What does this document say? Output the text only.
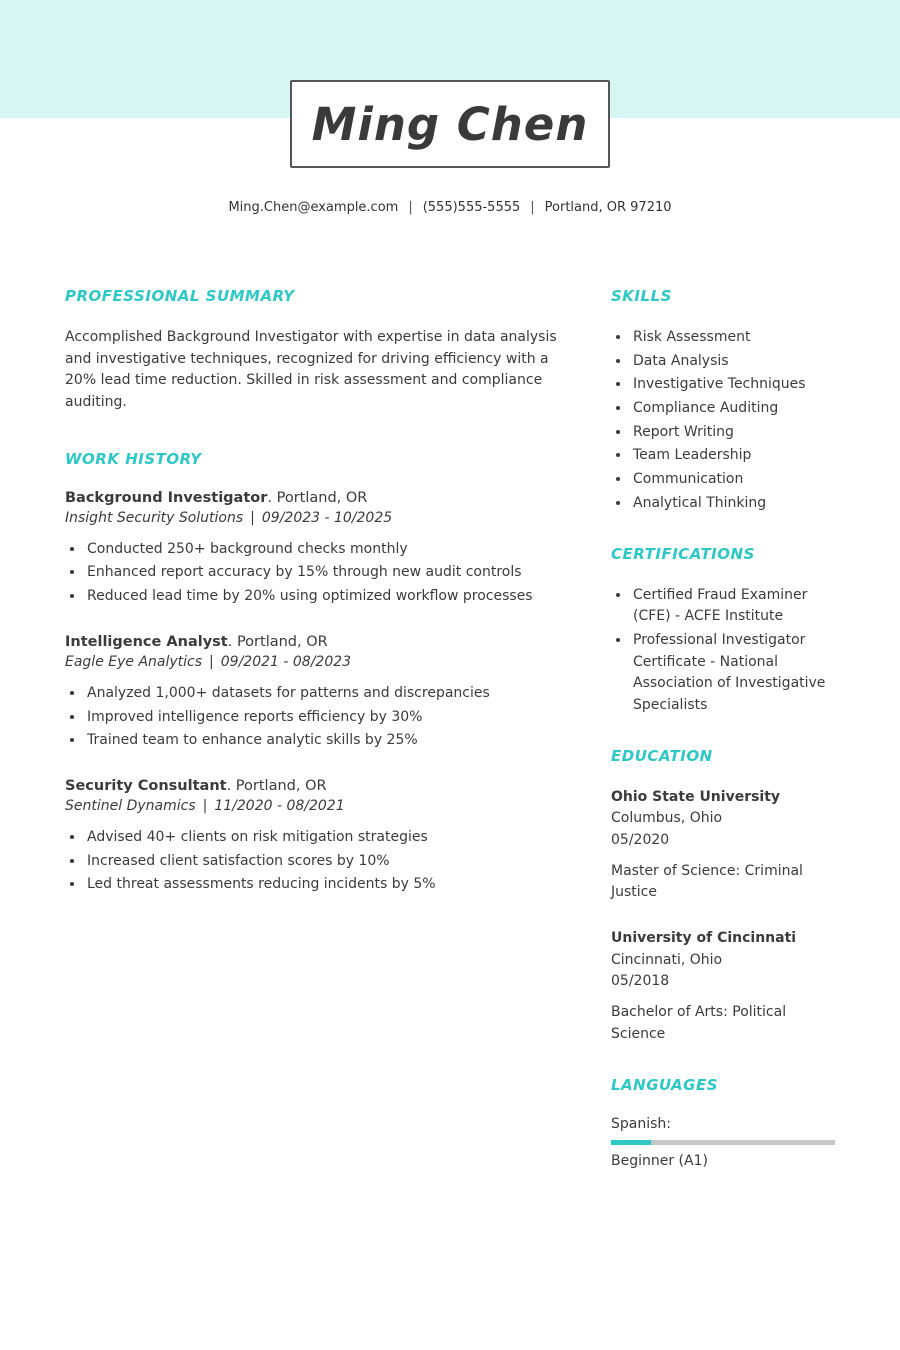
Ming Chen
Ming.Chen@example.com | (555)555-5555 | Portland, OR 97210
PROFESSIONAL SUMMARY
Accomplished Background Investigator with expertise in data analysis and investigative techniques, recognized for driving efficiency with a 20% lead time reduction. Skilled in risk assessment and compliance auditing.
WORK HISTORY
Background Investigator. Portland, OR
Insight Security Solutions | 09/2023 - 10/2025
• Conducted 250+ background checks monthly
• Enhanced report accuracy by 15% through new audit controls
• Reduced lead time by 20% using optimized workflow processes
Intelligence Analyst. Portland, OR
Eagle Eye Analytics | 09/2021 - 08/2023
• Analyzed 1,000+ datasets for patterns and discrepancies
• Improved intelligence reports efficiency by 30%
• Trained team to enhance analytic skills by 25%
Security Consultant. Portland, OR
Sentinel Dynamics | 11/2020 - 08/2021
• Advised 40+ clients on risk mitigation strategies
• Increased client satisfaction scores by 10%
• Led threat assessments reducing incidents by 5%
SKILLS
• Risk Assessment
• Data Analysis
• Investigative Techniques
• Compliance Auditing
• Report Writing
• Team Leadership
• Communication
• Analytical Thinking
CERTIFICATIONS
• Certified Fraud Examiner (CFE) - ACFE Institute
• Professional Investigator Certificate - National Association of Investigative Specialists
EDUCATION
Ohio State University
Columbus, Ohio
05/2020
Master of Science: Criminal Justice
University of Cincinnati
Cincinnati, Ohio
05/2018
Bachelor of Arts: Political Science
LANGUAGES
Spanish:
Beginner (A1)
